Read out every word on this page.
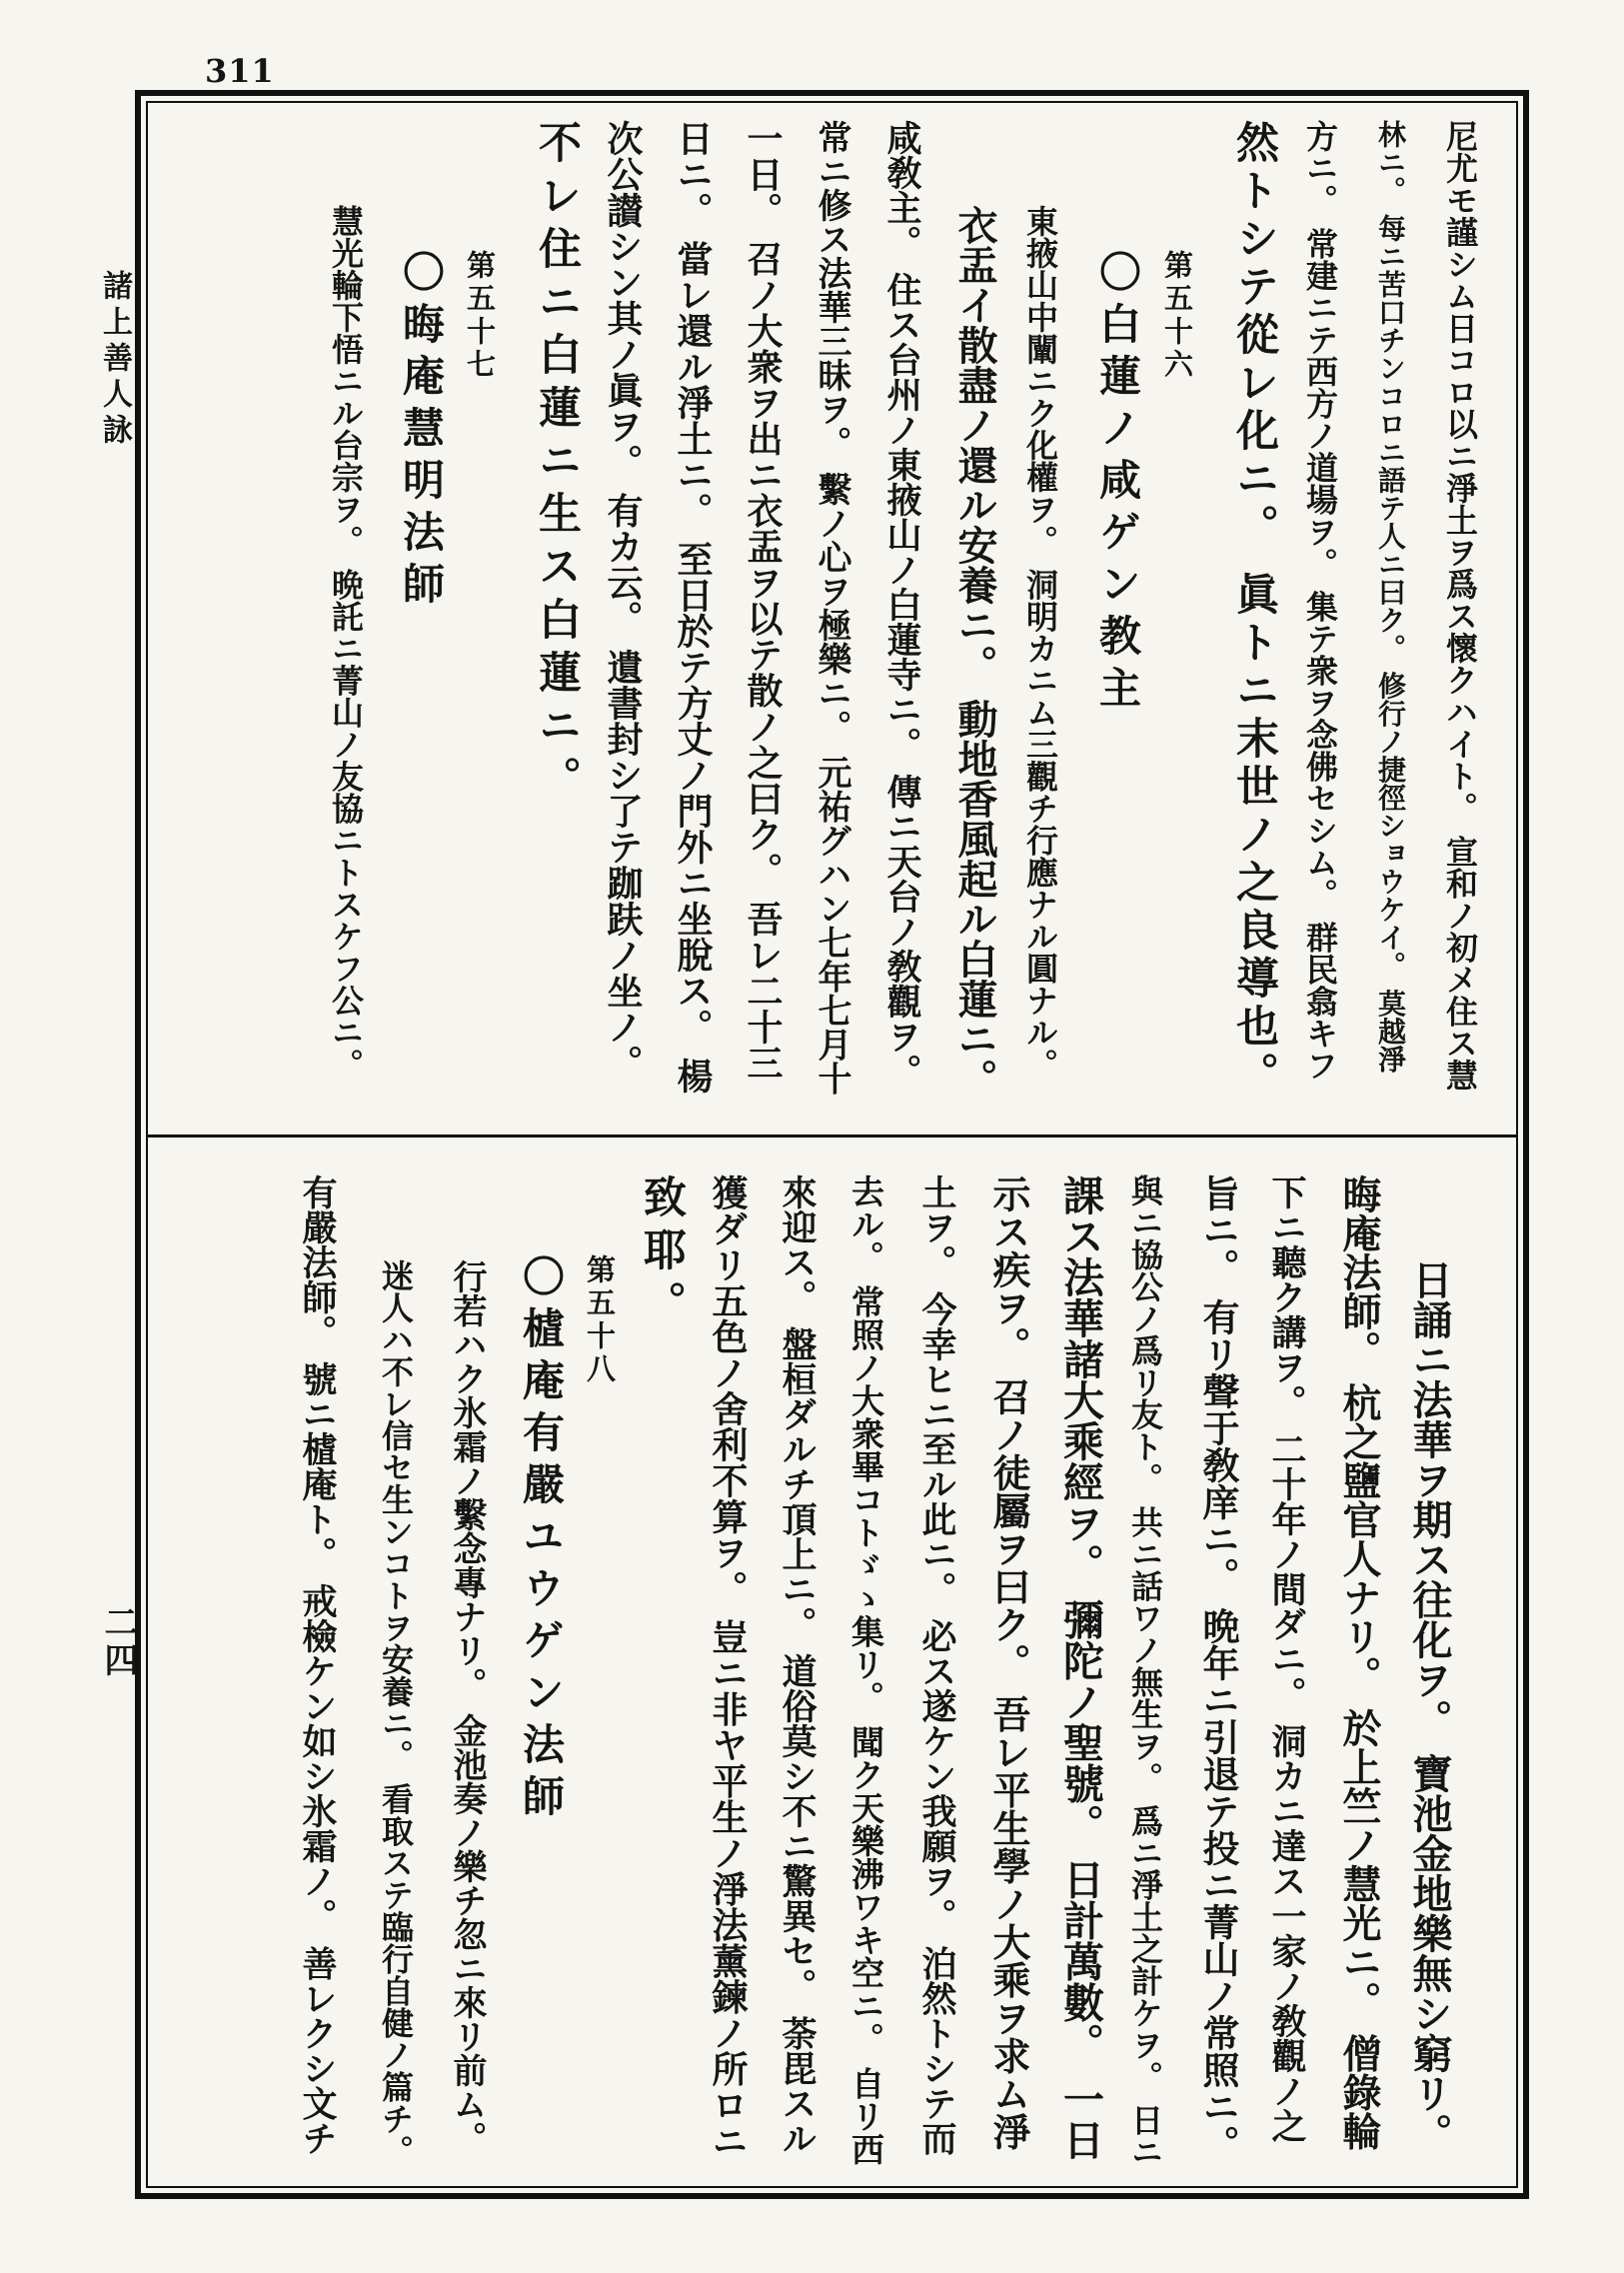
311
諸上善人詠
二四
尼尤モ謹シム日コロ以ニ淨土ヲ爲ス懷クハイト。 宣和ノ初メ住ス慧
林ニ。 每ニ苦口チンコロニ語テ人ニ曰ク。 修行ノ捷徑ショウケイ。 莫越淨
方ニ。 常建ニテ西方ノ道場ヲ。 集テ衆ヲ念佛セシム。 群民翕キフ
然トシテ從レ化ニ。 眞トニ末世ノ之良導也。
第五十六
〇白蓮ノ咸ゲン教主
東掖山中闡ニク化權ヲ。 洞明カニム三觀チ行應ナル圓ナル。
衣盂イ散盡ノ還ル安養ニ。 動地香風起ル白蓮ニ。
咸敎主。 住ス台州ノ東掖山ノ白蓮寺ニ。 傳ニ天台ノ敎觀ヲ。
常ニ修ス法華三昧ヲ。 繫ノ心ヲ極樂ニ。 元祐グハン七年七月十
一日。 召ノ大衆ヲ出ニ衣盂ヲ以テ散ノ之曰ク。 吾レ二十三
日ニ。 當レ還ル淨土ニ。 至日於テ方丈ノ門外ニ坐脫ス。 楊
次公讃シン其ノ眞ヲ。 有カ云。 遺書封シ了テ跏趺ノ坐ノ。
不レ住ニ白蓮ニ生ス白蓮ニ。
第五十七
〇晦庵慧明法師
慧光輪下悟ニル台宗ヲ。 晩託ニ菁山ノ友協ニトスケフ公ニ。
日誦ニ法華ヲ期ス往化ヲ。 寶池金地樂無シ窮リ。
晦庵法師。 杭之鹽官人ナリ。 於上竺ノ慧光ニ。 僧錄輪
下ニ聽ク講ヲ。 二十年ノ間ダニ。 洞カニ達ス一家ノ敎觀ノ之
旨ニ。 有リ聲于敎庠ニ。 晩年ニ引退テ投ニ菁山ノ常照ニ。
與ニ協公ノ爲リ友ト。 共ニ話ワノ無生ヲ。 爲ニ淨土之計ケヲ。 日ニ
課ス法華諸大乘經ヲ。 彌陀ノ聖號。 日計萬數。 一日
示ス疾ヲ。 召ノ徒屬ヲ曰ク。 吾レ平生學ノ大乘ヲ求ム淨
土ヲ。 今幸ヒニ至ル此ニ。 必ス遂ケン我願ヲ。 泊然トシテ而
去ル。 常照ノ大衆畢コトゞゝ集リ。 聞ク天樂沸ワキ空ニ。 自リ西
來迎ス。 盤桓ダルチ頂上ニ。 道俗莫シ不ニ驚異セ。 荼毘スル
獲ダリ五色ノ舍利不算ヲ。 豈ニ非ヤ平生ノ淨法薰鍊ノ所ロニ
致耶。
第五十八
〇樝庵有嚴ユウゲン法師
行若ハク氷霜ノ繫念專ナリ。 金池奏ノ樂チ忽ニ來リ前ム。
迷人ハ不レ信セ生ンコトヲ安養ニ。 看取ステ臨行自健ノ篇チ。
有嚴法師。 號ニ樝庵ト。 戒檢ケン如シ氷霜ノ。 善レクシ文チ
